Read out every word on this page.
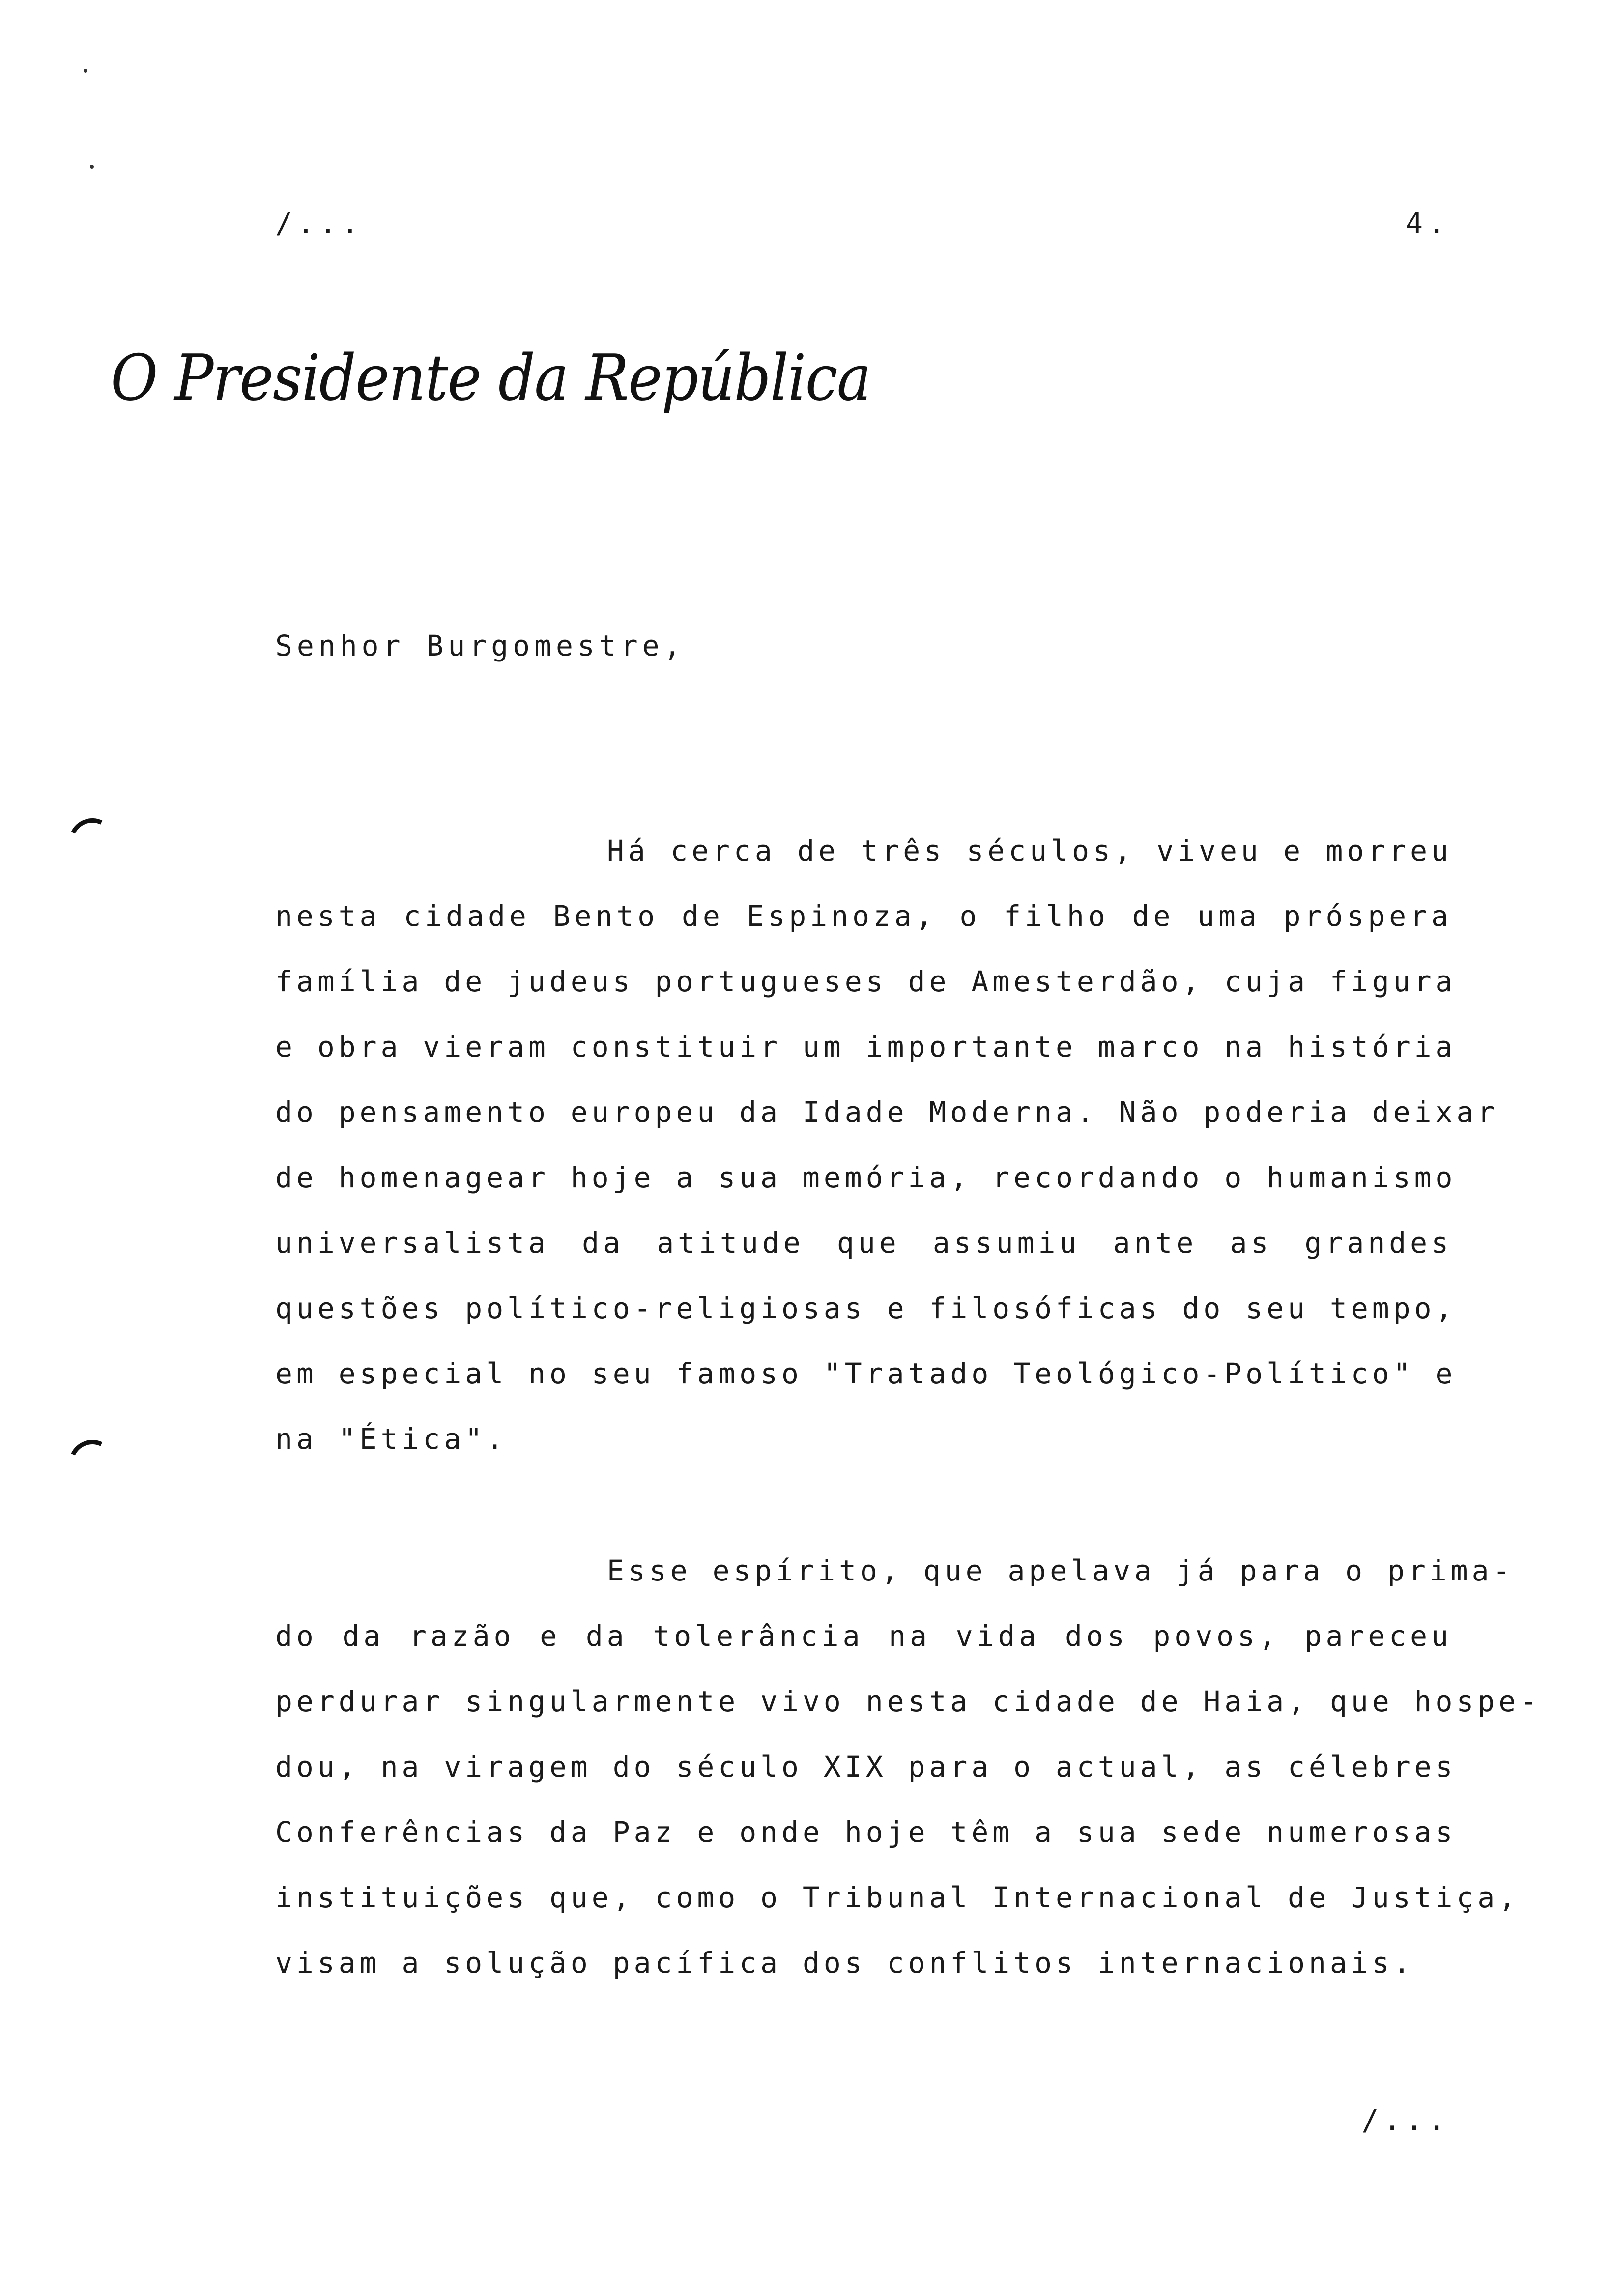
/...	4.
O Presidente da República
Senhor Burgomestre,
Há cerca de três séculos, viveu e morreu
nesta cidade Bento de Espinoza, o filho de uma próspera
família de judeus portugueses de Amesterdão, cuja figura
e obra vieram constituir um importante marco na história
do pensamento europeu da Idade Moderna. Não poderia deixar
de homenagear hoje a sua memória, recordando o humanismo
universalista da atitude que assumiu ante as grandes
questões político-religiosas e filosóficas do seu tempo,
em especial no seu famoso "Tratado Teológico-Político" e
na "Ética".
Esse espírito, que apelava já para o prima-
do da razão e da tolerância na vida dos povos, pareceu
perdurar singularmente vivo nesta cidade de Haia, que hospe-
dou, na viragem do século XIX para o actual, as célebres
Conferências da Paz e onde hoje têm a sua sede numerosas
instituições que, como o Tribunal Internacional de Justiça,
visam a solução pacífica dos conflitos internacionais.
/...
